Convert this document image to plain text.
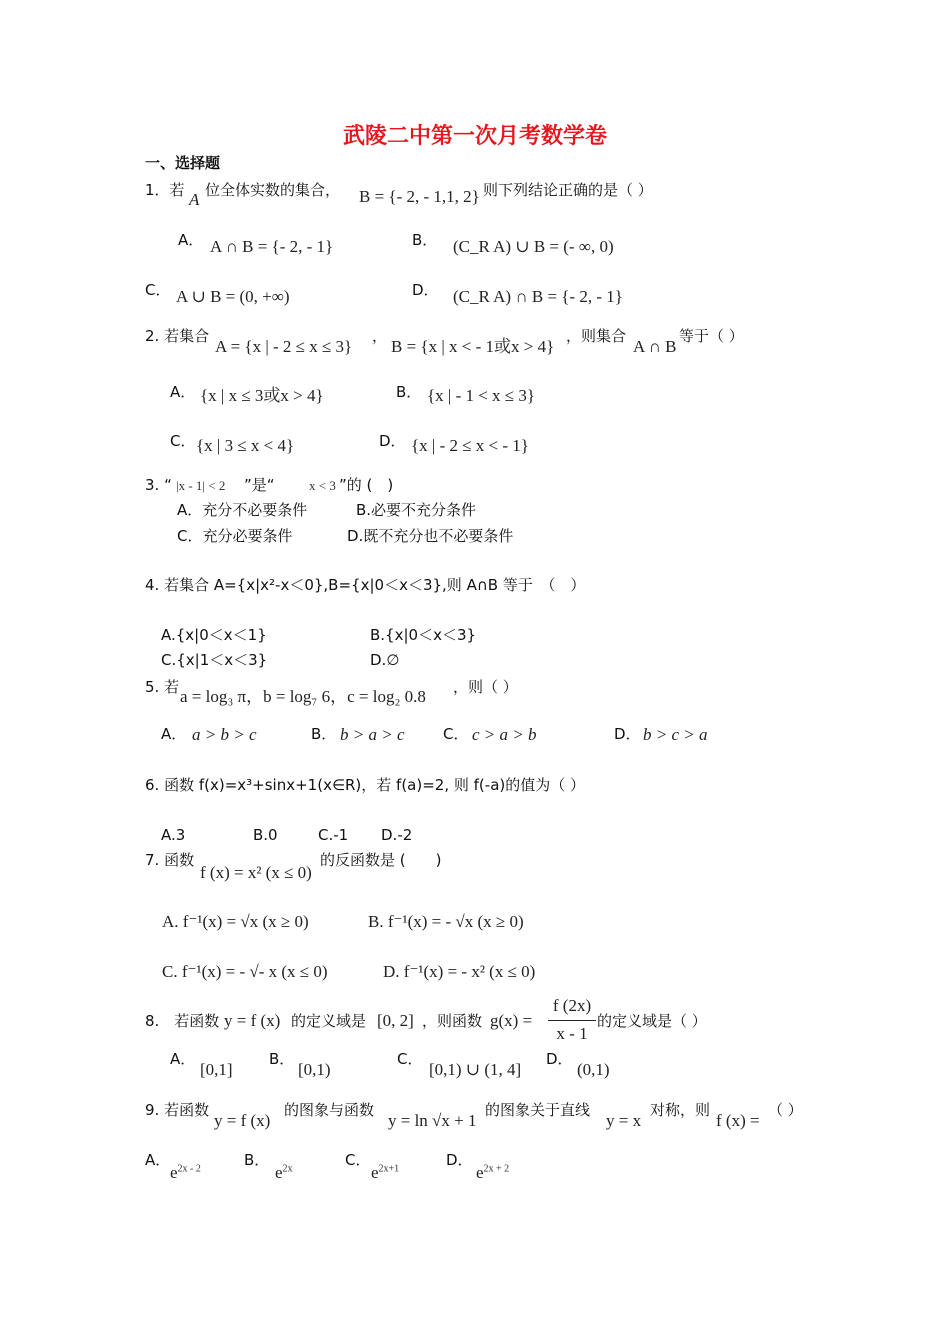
武陵二中第一次月考数学卷
一、选择题
1．若 A 位全体实数的集合， B = {- 2, - 1,1, 2} 则下列结论正确的是（ ）
A． A ∩ B = {- 2, - 1}	B． (C_R A) ∪ B = (- ∞, 0)
C． A ∪ B = (0, +∞)	D． (C_R A) ∩ B = {- 2, - 1}
2. 若集合
A = {x | - 2 ≤ x ≤ 3}
，
B = {x | x < - 1或x > 4}
，则集合
A ∩ B
等于（ ）
A． {x | x ≤ 3或x > 4}	B． {x | - 1 < x ≤ 3}
C． {x | 3 ≤ x < 4}	D． {x | - 2 ≤ x < - 1}
3. “ |x - 1| < 2 ”是“	x < 3 ”的 (　)
A．充分不必要条件	B.必要不充分条件
C．充分必要条件	D.既不充分也不必要条件
4. 若集合 A={x|x²-x＜0},B={x|0＜x＜3},则 A∩B 等于　（　）
A.{x|0＜x＜1}	B.{x|0＜x＜3}
C.{x|1＜x＜3}	D.∅
5. 若 a = log₃ π，b = log₇ 6，c = log₂ 0.8 ，则（ ）
A． a > b > c	B． b > a > c	C． c > a > b	D． b > c > a
6. 函数 f(x)=x³+sinx+1(x∈R)，若 f(a)=2, 则 f(-a)的值为（ ）
A.3	B.0	C.-1 D.-2
7. 函数
f (x) = x² (x ≤ 0)
的反函数是 (　　)
A. f⁻¹(x) = √x (x ≥ 0)	B. f⁻¹(x) = - √x (x ≥ 0)
C. f⁻¹(x) = - √- x (x ≤ 0)	D. f⁻¹(x) = - x² (x ≤ 0)
8.　若函数 y = f (x) 的定义域是 [0, 2] ，则函数 g(x) =
f (2x)
x - 1
的定义域是（ ）
A．
[0,1]
B．
[0,1)
C．
[0,1) ∪ (1, 4]
D．
(0,1)
9. 若函数
y = f (x)
的图象与函数
y = ln √x + 1
的图象关于直线
y = x
对称，则
f (x) =
（ ）
A．
$e^{2x - 2}$	B．
$e^{2x}$	C．
$e^{2x+1}$	D．
$e^{2x + 2}$
